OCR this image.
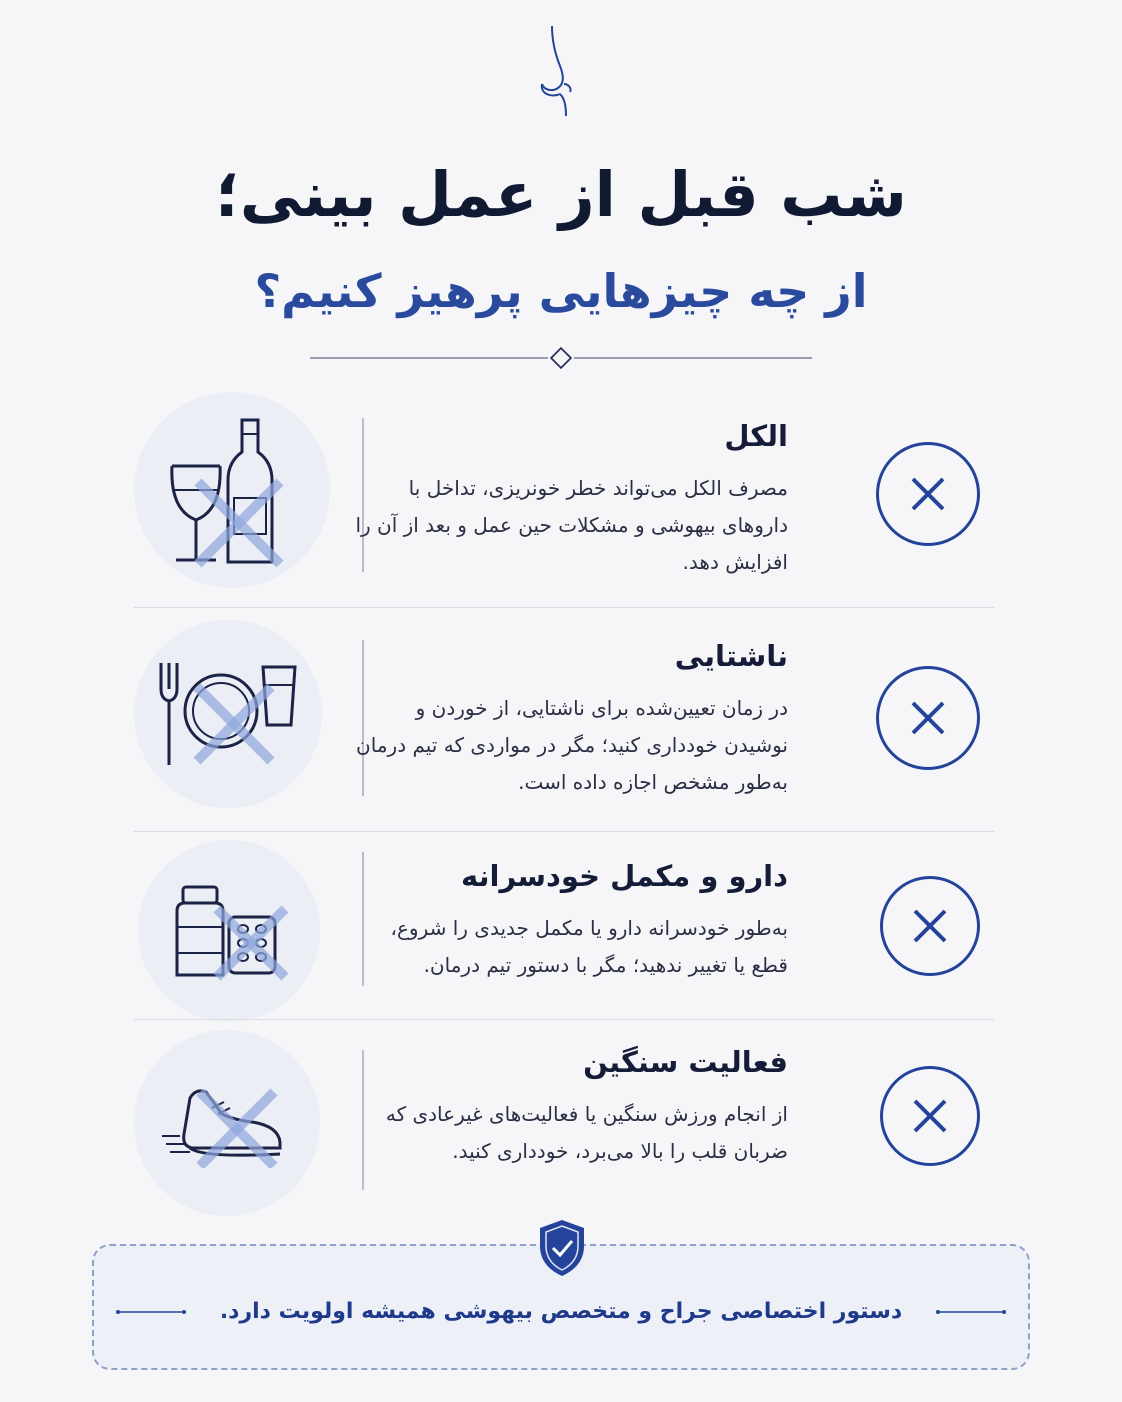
شب قبل از عمل بینی؛
از چه چیزهایی پرهیز کنیم؟
الکل
مصرف الکل می‌تواند خطر خونریزی، تداخل با داروهای بیهوشی و مشکلات حین عمل و بعد از آن را افزایش دهد.
ناشتایی
در زمان تعیین‌شده برای ناشتایی، از خوردن و نوشیدن خودداری کنید؛ مگر در مواردی که تیم درمان به‌طور مشخص اجازه داده است.
دارو و مکمل خودسرانه
به‌طور خودسرانه دارو یا مکمل جدیدی را شروع، قطع یا تغییر ندهید؛ مگر با دستور تیم درمان.
فعالیت سنگین
از انجام ورزش سنگین یا فعالیت‌های غیرعادی که ضربان قلب را بالا می‌برد، خودداری کنید.
دستور اختصاصی جراح و متخصص بیهوشی همیشه اولویت دارد.
